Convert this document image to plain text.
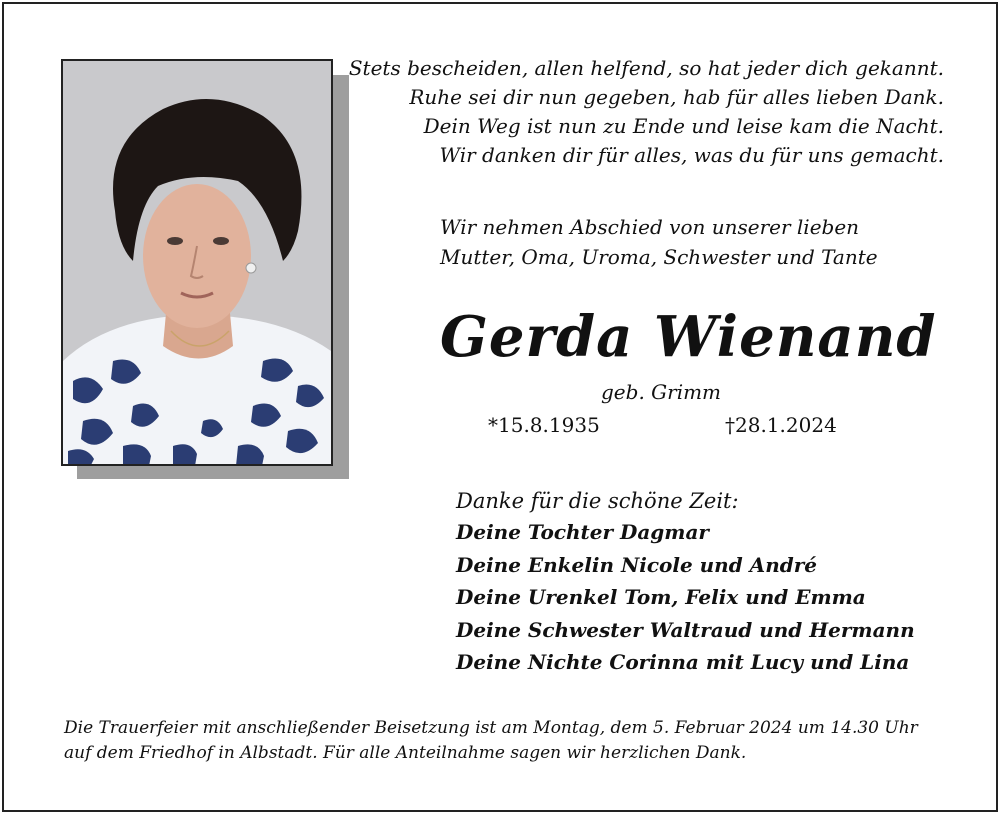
Stets bescheiden, allen helfend, so hat jeder dich gekannt.
Ruhe sei dir nun gegeben, hab für alles lieben Dank.
Dein Weg ist nun zu Ende und leise kam die Nacht.
Wir danken dir für alles, was du für uns gemacht.
Wir nehmen Abschied von unserer lieben
Mutter, Oma, Uroma, Schwester und Tante
Gerda Wienand
geb. Grimm
*15.8.1935	†28.1.2024
Danke für die schöne Zeit:
Deine Tochter Dagmar
Deine Enkelin Nicole und André
Deine Urenkel Tom, Felix und Emma
Deine Schwester Waltraud und Hermann
Deine Nichte Corinna mit Lucy und Lina
Die Trauerfeier mit anschließender Beisetzung ist am Montag, dem 5. Februar 2024 um 14.30 Uhr
auf dem Friedhof in Albstadt. Für alle Anteilnahme sagen wir herzlichen Dank.
